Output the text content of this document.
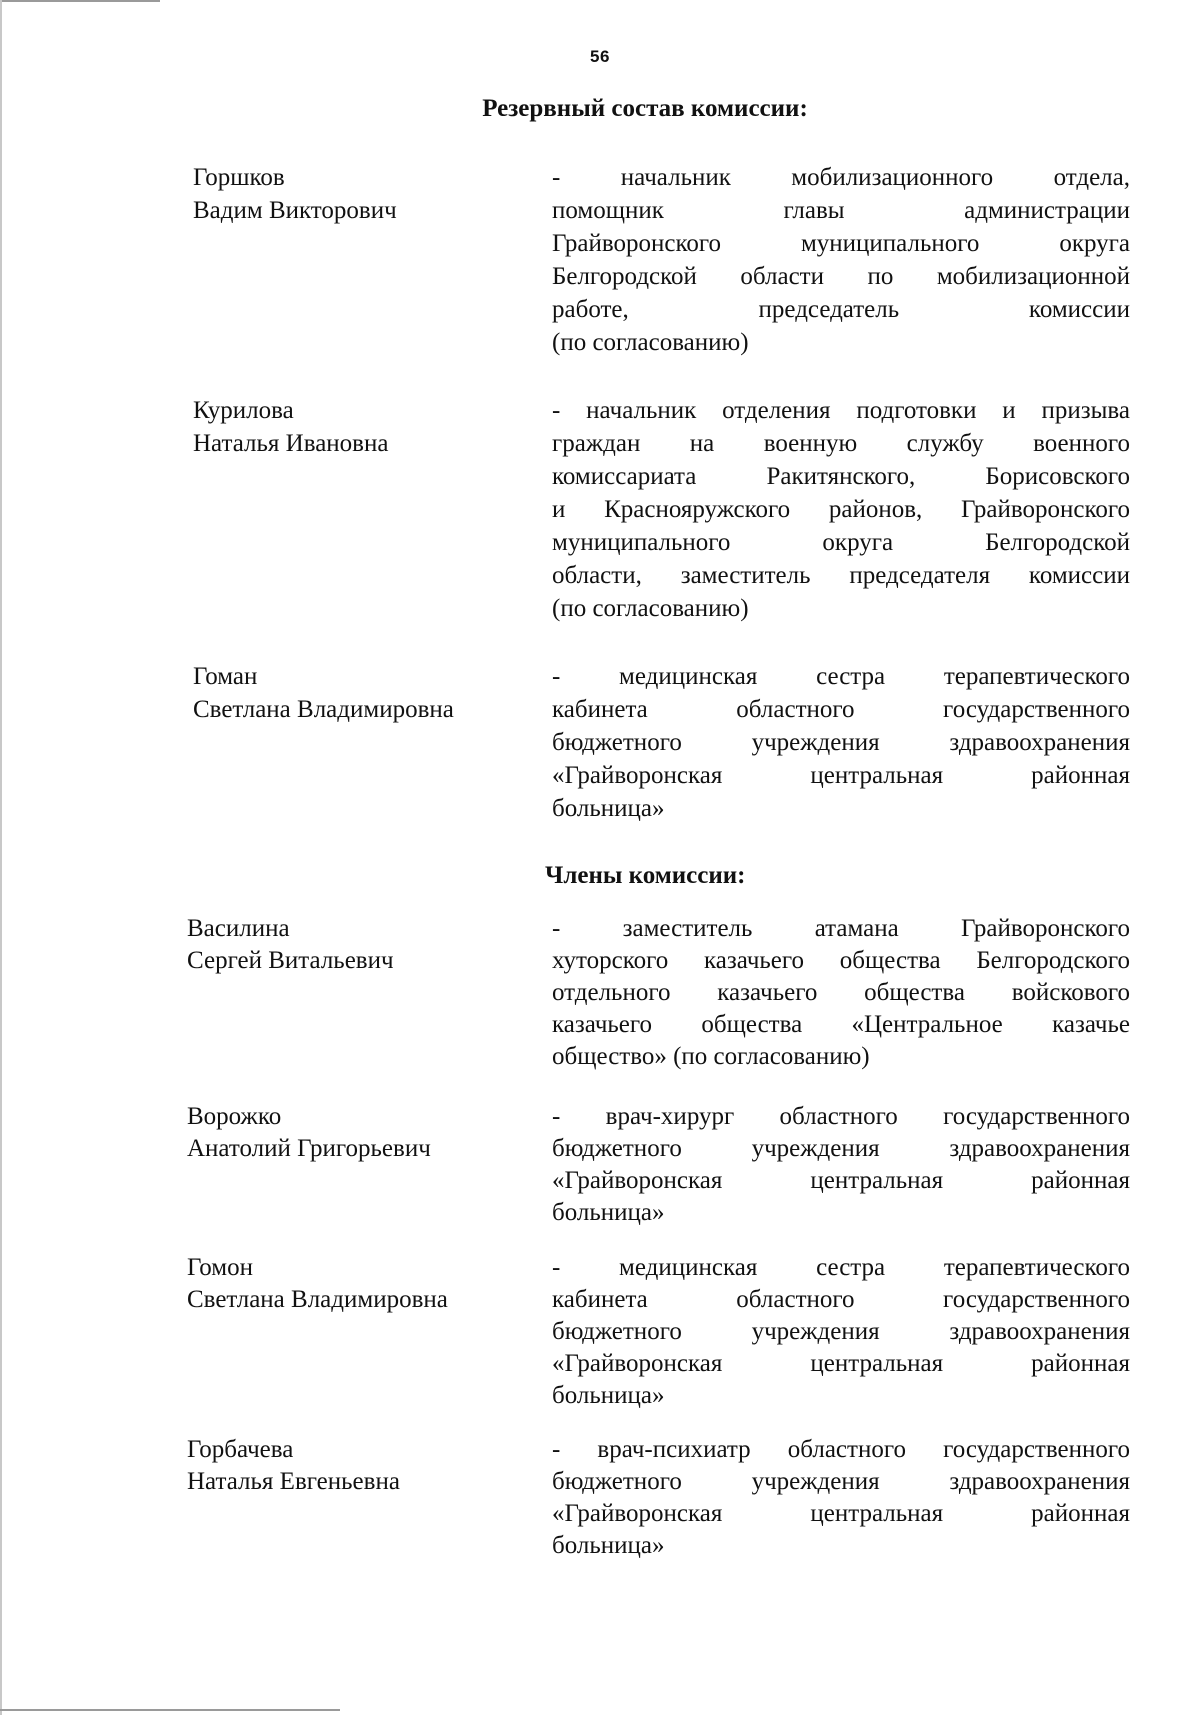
56
Резервный состав комиссии:
Горшков
Вадим Викторович
- начальник мобилизационного отдела,
помощник главы администрации
Грайворонского муниципального округа
Белгородской области по мобилизационной
работе, председатель комиссии
(по согласованию)
Курилова
Наталья Ивановна
- начальник отделения подготовки и призыва
граждан на военную службу военного
комиссариата Ракитянского, Борисовского
и Краснояружского районов, Грайворонского
муниципального округа Белгородской
области, заместитель председателя комиссии
(по согласованию)
Гоман
Светлана Владимировна
- медицинская сестра терапевтического
кабинета областного государственного
бюджетного учреждения здравоохранения
«Грайворонская центральная районная
больница»
Члены комиссии:
Василина
Сергей Витальевич
- заместитель атамана Грайворонского
хуторского казачьего общества Белгородского
отдельного казачьего общества войскового
казачьего общества «Центральное казачье
общество» (по согласованию)
Ворожко
Анатолий Григорьевич
- врач-хирург областного государственного
бюджетного учреждения здравоохранения
«Грайворонская центральная районная
больница»
Гомон
Светлана Владимировна
- медицинская сестра терапевтического
кабинета областного государственного
бюджетного учреждения здравоохранения
«Грайворонская центральная районная
больница»
Горбачева
Наталья Евгеньевна
- врач-психиатр областного государственного
бюджетного учреждения здравоохранения
«Грайворонская центральная районная
больница»
